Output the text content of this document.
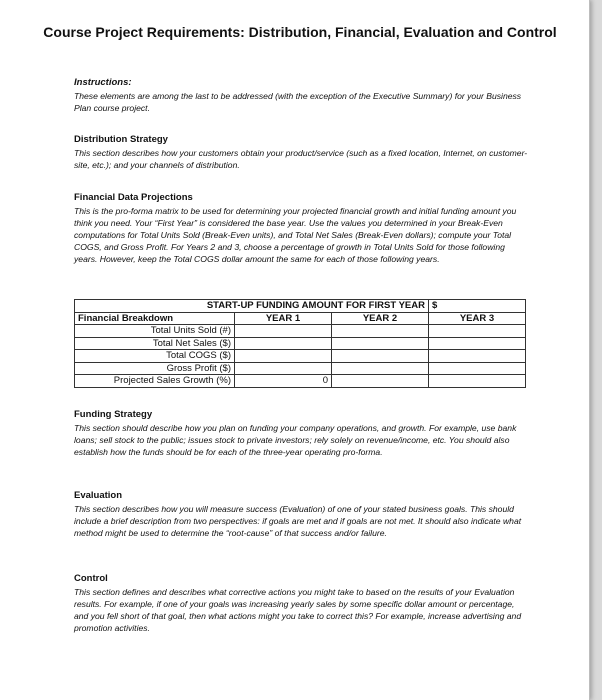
Course Project Requirements: Distribution, Financial, Evaluation and Control
Instructions:
These elements are among the last to be addressed (with the exception of the Executive Summary) for your Business Plan course project.
Distribution Strategy
This section describes how your customers obtain your product/service (such as a fixed location, Internet, on customer-site, etc.); and your channels of distribution.
Financial Data Projections
This is the pro-forma matrix to be used for determining your projected financial growth and initial funding amount you think you need. Your “First Year” is considered the base year. Use the values you determined in your Break-Even computations for Total Units Sold (Break-Even units), and Total Net Sales (Break-Even dollars); compute your Total COGS, and Gross Profit. For Years 2 and 3, choose a percentage of growth in Total Units Sold for those following years. However, keep the Total COGS dollar amount the same for each of those following years.
START-UP FUNDING AMOUNT FOR FIRST YEAR			$
Financial Breakdown	YEAR 1	YEAR 2	YEAR 3
Total Units Sold (#)			
Total Net Sales ($)			
Total COGS ($)			
Gross Profit ($)			
Projected Sales Growth (%)	0		
Funding Strategy
This section should describe how you plan on funding your company operations, and growth. For example, use bank loans; sell stock to the public; issues stock to private investors; rely solely on revenue/income, etc. You should also establish how the funds should be for each of the three-year operating pro-forma.
Evaluation
This section describes how you will measure success (Evaluation) of one of your stated business goals. This should include a brief description from two perspectives: if goals are met and if goals are not met. It should also indicate what method might be used to determine the “root-cause” of that success and/or failure.
Control
This section defines and describes what corrective actions you might take to based on the results of your Evaluation results. For example, if one of your goals was increasing yearly sales by some specific dollar amount or percentage, and you fell short of that goal, then what actions might you take to correct this? For example, increase advertising and promotion activities.
